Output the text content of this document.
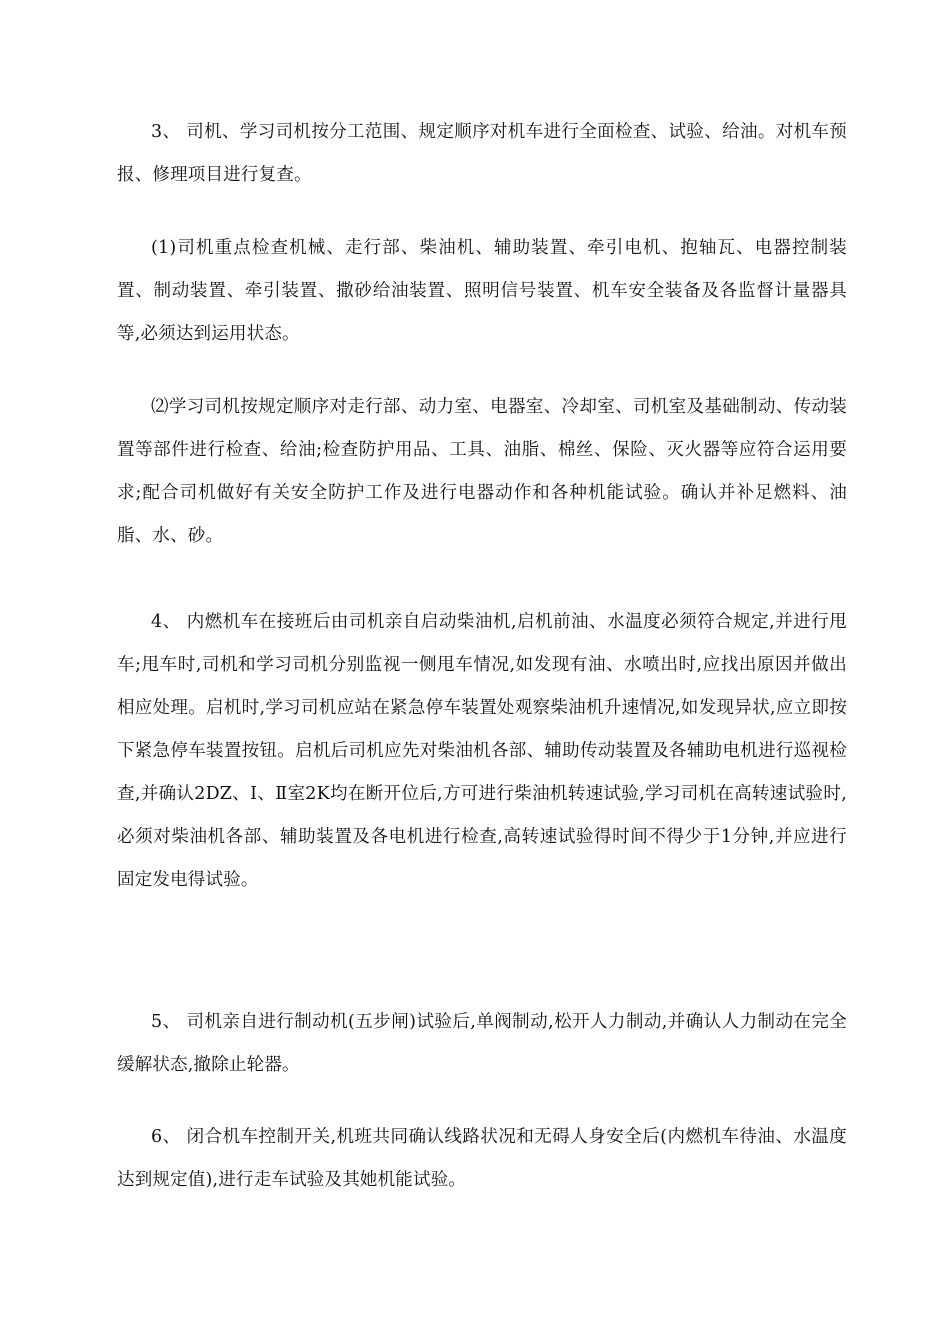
3、 司机、学习司机按分工范围、规定顺序对机车进行全面检查、试验、给油。对机车预报、修理项目进行复查。

(1)司机重点检查机械、走行部、柴油机、辅助装置、牵引电机、抱轴瓦、电器控制装置、制动装置、牵引装置、撒砂给油装置、照明信号装置、机车安全装备及各监督计量器具等,必须达到运用状态。

⑵学习司机按规定顺序对走行部、动力室、电器室、冷却室、司机室及基础制动、传动装置等部件进行检查、给油;检查防护用品、工具、油脂、棉丝、保险、灭火器等应符合运用要求;配合司机做好有关安全防护工作及进行电器动作和各种机能试验。确认并补足燃料、油脂、水、砂。

4、 内燃机车在接班后由司机亲自启动柴油机,启机前油、水温度必须符合规定,并进行甩车;甩车时,司机和学习司机分别监视一侧甩车情况,如发现有油、水喷出时,应找出原因并做出相应处理。启机时,学习司机应站在紧急停车装置处观察柴油机升速情况,如发现异状,应立即按下紧急停车装置按钮。启机后司机应先对柴油机各部、辅助传动装置及各辅助电机进行巡视检查,并确认2DZ、Ⅰ、Ⅱ室2K均在断开位后,方可进行柴油机转速试验,学习司机在高转速试验时,必须对柴油机各部、辅助装置及各电机进行检查,高转速试验得时间不得少于1分钟,并应进行固定发电得试验。

5、 司机亲自进行制动机(五步闸)试验后,单阀制动,松开人力制动,并确认人力制动在完全缓解状态,撤除止轮器。

6、 闭合机车控制开关,机班共同确认线路状况和无碍人身安全后(内燃机车待油、水温度达到规定值),进行走车试验及其她机能试验。
